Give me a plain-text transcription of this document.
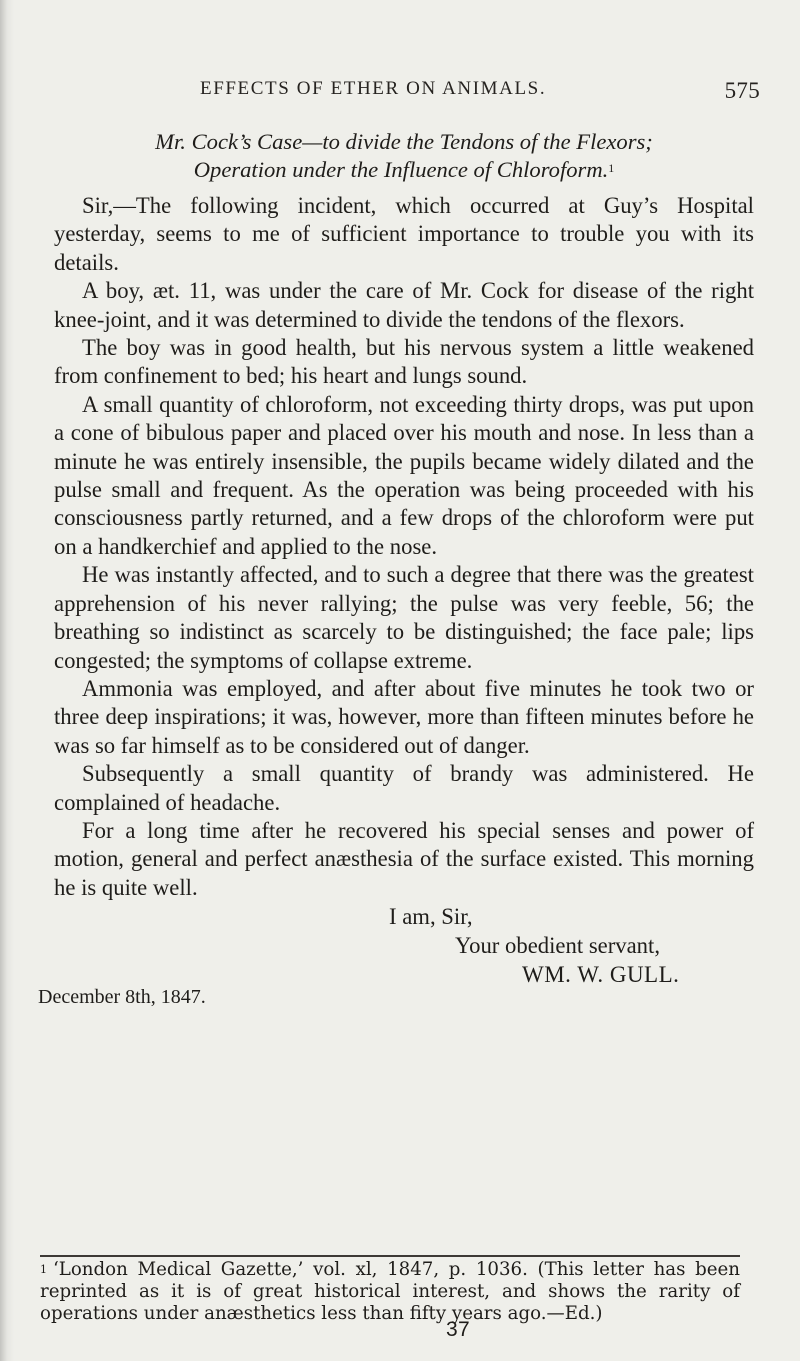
EFFECTS OF ETHER ON ANIMALS.	575
Mr. Cock’s Case—to divide the Tendons of the Flexors;
Operation under the Influence of Chloroform.$^1$

Sir,—The following incident, which occurred at Guy’s Hospital yesterday, seems to me of sufficient importance to trouble you with its details.

A boy, æt. 11, was under the care of Mr. Cock for disease of the right knee-joint, and it was determined to divide the tendons of the flexors.

The boy was in good health, but his nervous system a little weakened from confinement to bed; his heart and lungs sound.

A small quantity of chloroform, not exceeding thirty drops, was put upon a cone of bibulous paper and placed over his mouth and nose. In less than a minute he was entirely insensible, the pupils became widely dilated and the pulse small and frequent. As the operation was being proceeded with his consciousness partly returned, and a few drops of the chloroform were put on a handkerchief and applied to the nose.

He was instantly affected, and to such a degree that there was the greatest apprehension of his never rallying; the pulse was very feeble, 56; the breathing so indistinct as scarcely to be distinguished; the face pale; lips congested; the symptoms of collapse extreme.

Ammonia was employed, and after about five minutes he took two or three deep inspirations; it was, however, more than fifteen minutes before he was so far himself as to be considered out of danger.

Subsequently a small quantity of brandy was administered. He complained of headache.

For a long time after he recovered his special senses and power of motion, general and perfect anæsthesia of the surface existed. This morning he is quite well.

I am, Sir,

Your obedient servant,

WM. W. GULL.

December 8th, 1847.

$^1$ ‘London Medical Gazette,’ vol. xl, 1847, p. 1036. (This letter has been reprinted as it is of great historical interest, and shows the rarity of operations under anæsthetics less than fifty years ago.—Ed.)
37
